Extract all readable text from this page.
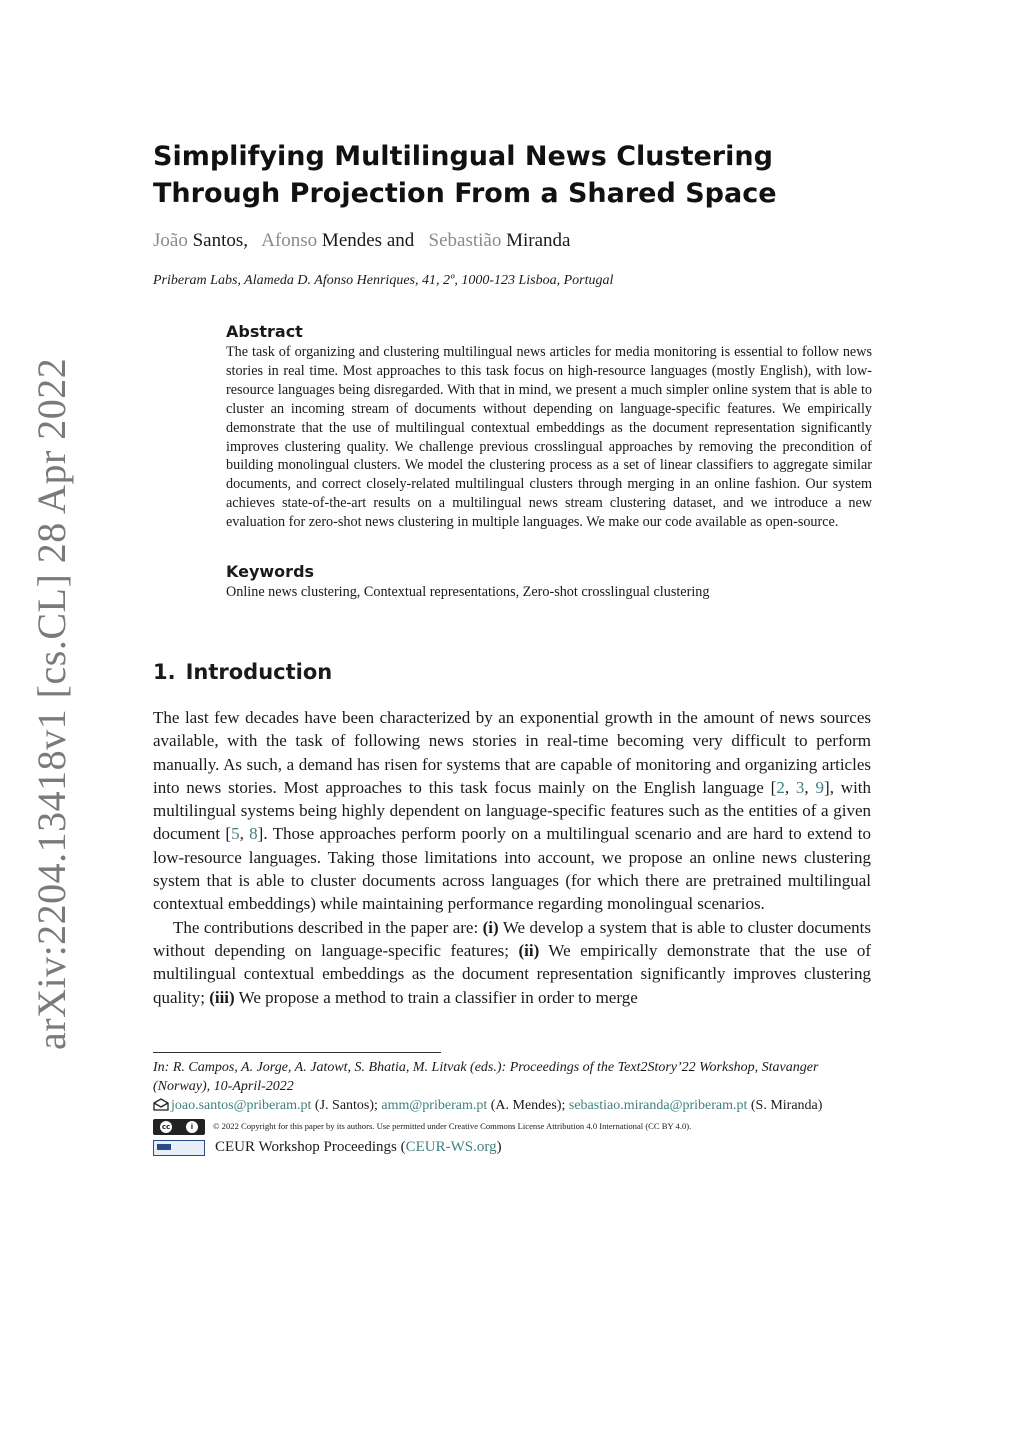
arXiv:2204.13418v1 [cs.CL] 28 Apr 2022
Simplifying Multilingual News Clustering Through Projection From a Shared Space
João Santos, Afonso Mendes and Sebastião Miranda
Priberam Labs, Alameda D. Afonso Henriques, 41, 2º, 1000-123 Lisboa, Portugal
Abstract

The task of organizing and clustering multilingual news articles for media monitoring is essential to follow news stories in real time. Most approaches to this task focus on high-resource languages (mostly English), with low-resource languages being disregarded. With that in mind, we present a much simpler online system that is able to cluster an incoming stream of documents without depending on language-specific features. We empirically demonstrate that the use of multilingual contextual embeddings as the document representation significantly improves clustering quality. We challenge previous crosslingual approaches by removing the precondition of building monolingual clusters. We model the clustering process as a set of linear classifiers to aggregate similar documents, and correct closely-related multilingual clusters through merging in an online fashion. Our system achieves state-of-the-art results on a multilingual news stream clustering dataset, and we introduce a new evaluation for zero-shot news clustering in multiple languages. We make our code available as open-source.

Keywords

Online news clustering, Contextual representations, Zero-shot crosslingual clustering

1. Introduction

The last few decades have been characterized by an exponential growth in the amount of news sources available, with the task of following news stories in real-time becoming very difficult to perform manually. As such, a demand has risen for systems that are capable of monitoring and organizing articles into news stories. Most approaches to this task focus mainly on the English language [2, 3, 9], with multilingual systems being highly dependent on language-specific features such as the entities of a given document [5, 8]. Those approaches perform poorly on a multilingual scenario and are hard to extend to low-resource languages. Taking those limitations into account, we propose an online news clustering system that is able to cluster documents across languages (for which there are pretrained multilingual contextual embeddings) while maintaining performance regarding monolingual scenarios.

The contributions described in the paper are: (i) We develop a system that is able to cluster documents without depending on language-specific features; (ii) We empirically demonstrate that the use of multilingual contextual embeddings as the document representation significantly improves clustering quality; (iii) We propose a method to train a classifier in order to merge

In: R. Campos, A. Jorge, A. Jatowt, S. Bhatia, M. Litvak (eds.): Proceedings of the Text2Story’22 Workshop, Stavanger (Norway), 10-April-2022
joao.santos@priberam.pt (J. Santos); amm@priberam.pt (A. Mendes); sebastiao.miranda@priberam.pt (S. Miranda)
cc	i	© 2022 Copyright for this paper by its authors. Use permitted under Creative Commons License Attribution 4.0 International (CC BY 4.0).
CEUR Workshop Proceedings (CEUR-WS.org)
